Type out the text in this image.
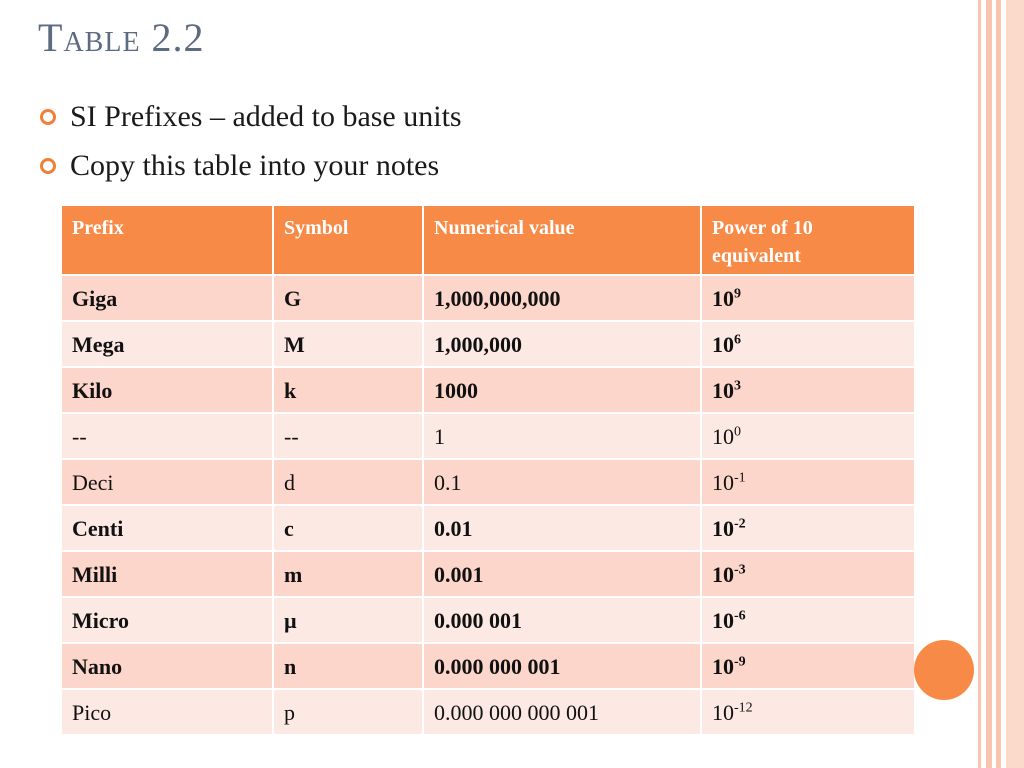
Table 2.2
SI Prefixes – added to base units
Copy this table into your notes
Prefix	Symbol	Numerical value	Power of 10 equivalent
Giga	G	1,000,000,000	$10^9$
Mega	M	1,000,000	$10^6$
Kilo	k	1000	$10^3$
--	--	1	$10^0$
Deci	d	0.1	$10^{-1}$
Centi	c	0.01	$10^{-2}$
Milli	m	0.001	$10^{-3}$
Micro	µ	0.000 001	$10^{-6}$
Nano	n	0.000 000 001	$10^{-9}$
Pico	p	0.000 000 000 001	$10^{-12}$
